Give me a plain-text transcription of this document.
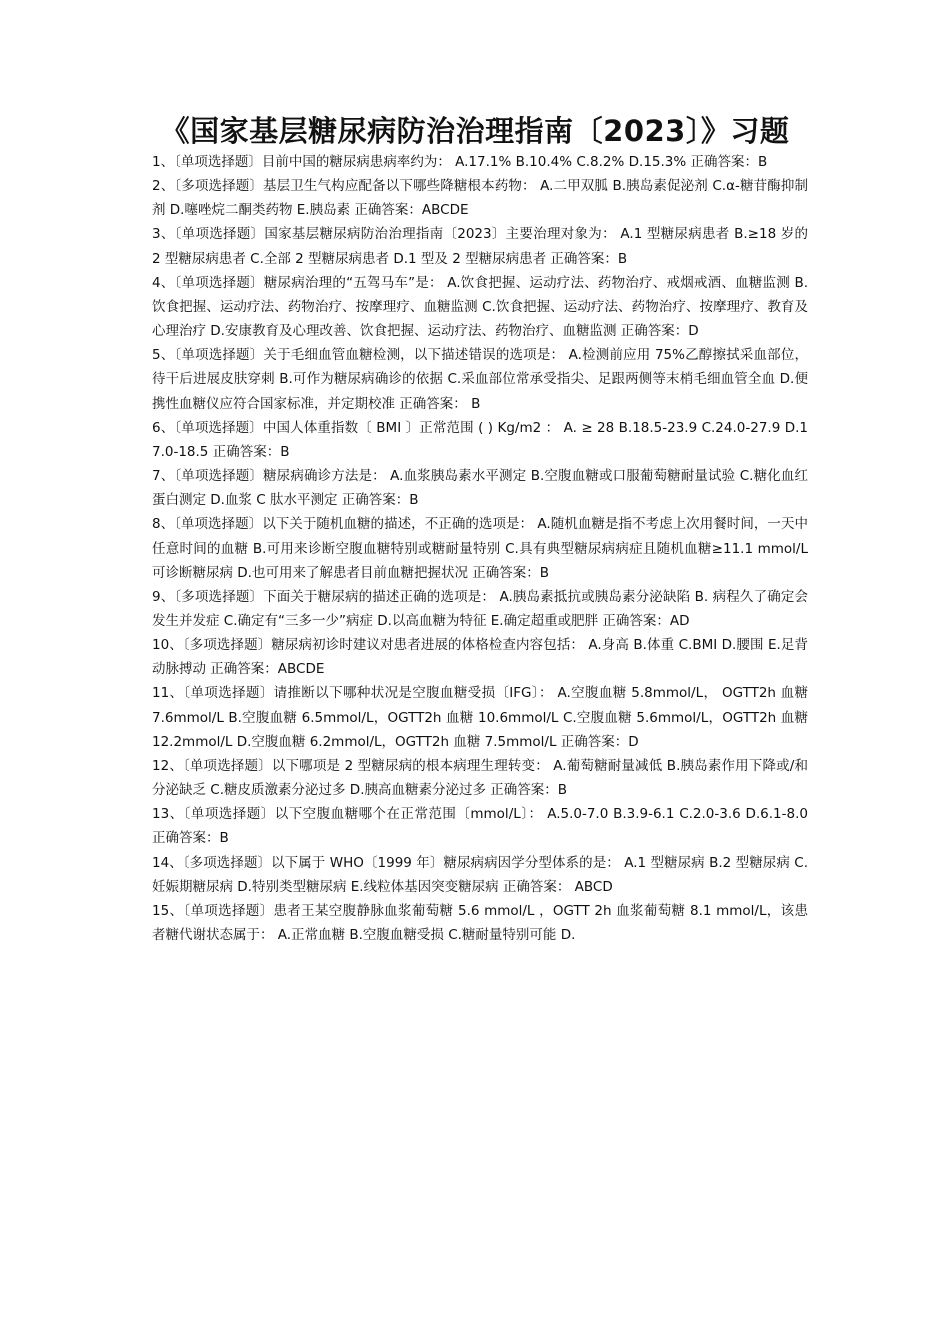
《国家基层糖尿病防治治理指南〔2023〕》习题

1、〔单项选择题〕目前中国的糖尿病患病率约为： A.17.1% B.10.4% C.8.2% D.15.3% 正确答案：B

2、〔多项选择题〕基层卫生气构应配备以下哪些降糖根本药物： A.二甲双胍 B.胰岛素促泌剂 C.α-糖苷酶抑制剂 D.噻唑烷二酮类药物 E.胰岛素 正确答案：ABCDE

3、〔单项选择题〕国家基层糖尿病防治治理指南〔2023〕主要治理对象为： A.1 型糖尿病患者 B.≥18 岁的 2 型糖尿病患者 C.全部 2 型糖尿病患者 D.1 型及 2 型糖尿病患者 正确答案：B

4、〔单项选择题〕糖尿病治理的“五驾马车”是： A.饮食把握、运动疗法、药物治疗、戒烟戒酒、血糖监测 B.饮食把握、运动疗法、药物治疗、按摩理疗、血糖监测 C.饮食把握、运动疗法、药物治疗、按摩理疗、教育及心理治疗 D.安康教育及心理改善、饮食把握、运动疗法、药物治疗、血糖监测 正确答案：D

5、〔单项选择题〕关于毛细血管血糖检测，以下描述错误的选项是： A.检测前应用 75%乙醇擦拭采血部位，待干后进展皮肤穿刺 B.可作为糖尿病确诊的依据 C.采血部位常承受指尖、足跟两侧等末梢毛细血管全血 D.便携性血糖仪应符合国家标准，并定期校准 正确答案： B

6、〔单项选择题〕中国人体重指数〔 BMI 〕正常范围 ( ) Kg/m2 ： A. ≥ 28 B.18.5-23.9 C.24.0-27.9 D.17.0-18.5 正确答案：B

7、〔单项选择题〕糖尿病确诊方法是： A.血浆胰岛素水平测定 B.空腹血糖或口服葡萄糖耐量试验 C.糖化血红蛋白测定 D.血浆 C 肽水平测定 正确答案：B

8、〔单项选择题〕以下关于随机血糖的描述，不正确的选项是： A.随机血糖是指不考虑上次用餐时间，一天中任意时间的血糖 B.可用来诊断空腹血糖特别或糖耐量特别 C.具有典型糖尿病病症且随机血糖≥11.1 mmol/L 可诊断糖尿病 D.也可用来了解患者目前血糖把握状况 正确答案：B

9、〔多项选择题〕下面关于糖尿病的描述正确的选项是： A.胰岛素抵抗或胰岛素分泌缺陷 B. 病程久了确定会发生并发症 C.确定有“三多一少”病症 D.以高血糖为特征 E.确定超重或肥胖 正确答案：AD

10、〔多项选择题〕糖尿病初诊时建议对患者进展的体格检查内容包括： A.身高 B.体重 C.BMI D.腰围 E.足背动脉搏动 正确答案：ABCDE

11、〔单项选择题〕请推断以下哪种状况是空腹血糖受损〔IFG〕： A.空腹血糖 5.8mmol/L， OGTT2h 血糖 7.6mmol/L B.空腹血糖 6.5mmol/L，OGTT2h 血糖 10.6mmol/L C.空腹血糖 5.6mmol/L，OGTT2h 血糖 12.2mmol/L D.空腹血糖 6.2mmol/L，OGTT2h 血糖 7.5mmol/L 正确答案：D

12、〔单项选择题〕以下哪项是 2 型糖尿病的根本病理生理转变： A.葡萄糖耐量减低 B.胰岛素作用下降或/和分泌缺乏 C.糖皮质激素分泌过多 D.胰高血糖素分泌过多 正确答案：B

13、〔单项选择题〕以下空腹血糖哪个在正常范围〔mmol/L〕： A.5.0-7.0 B.3.9-6.1 C.2.0-3.6 D.6.1-8.0 正确答案：B

14、〔多项选择题〕以下属于 WHO〔1999 年〕糖尿病病因学分型体系的是： A.1 型糖尿病 B.2 型糖尿病 C.妊娠期糖尿病 D.特别类型糖尿病 E.线粒体基因突变糖尿病 正确答案： ABCD

15、〔单项选择题〕患者王某空腹静脉血浆葡萄糖 5.6 mmol/L ，OGTT 2h 血浆葡萄糖 8.1 mmol/L，该患者糖代谢状态属于： A.正常血糖 B.空腹血糖受损 C.糖耐量特别可能 D.
